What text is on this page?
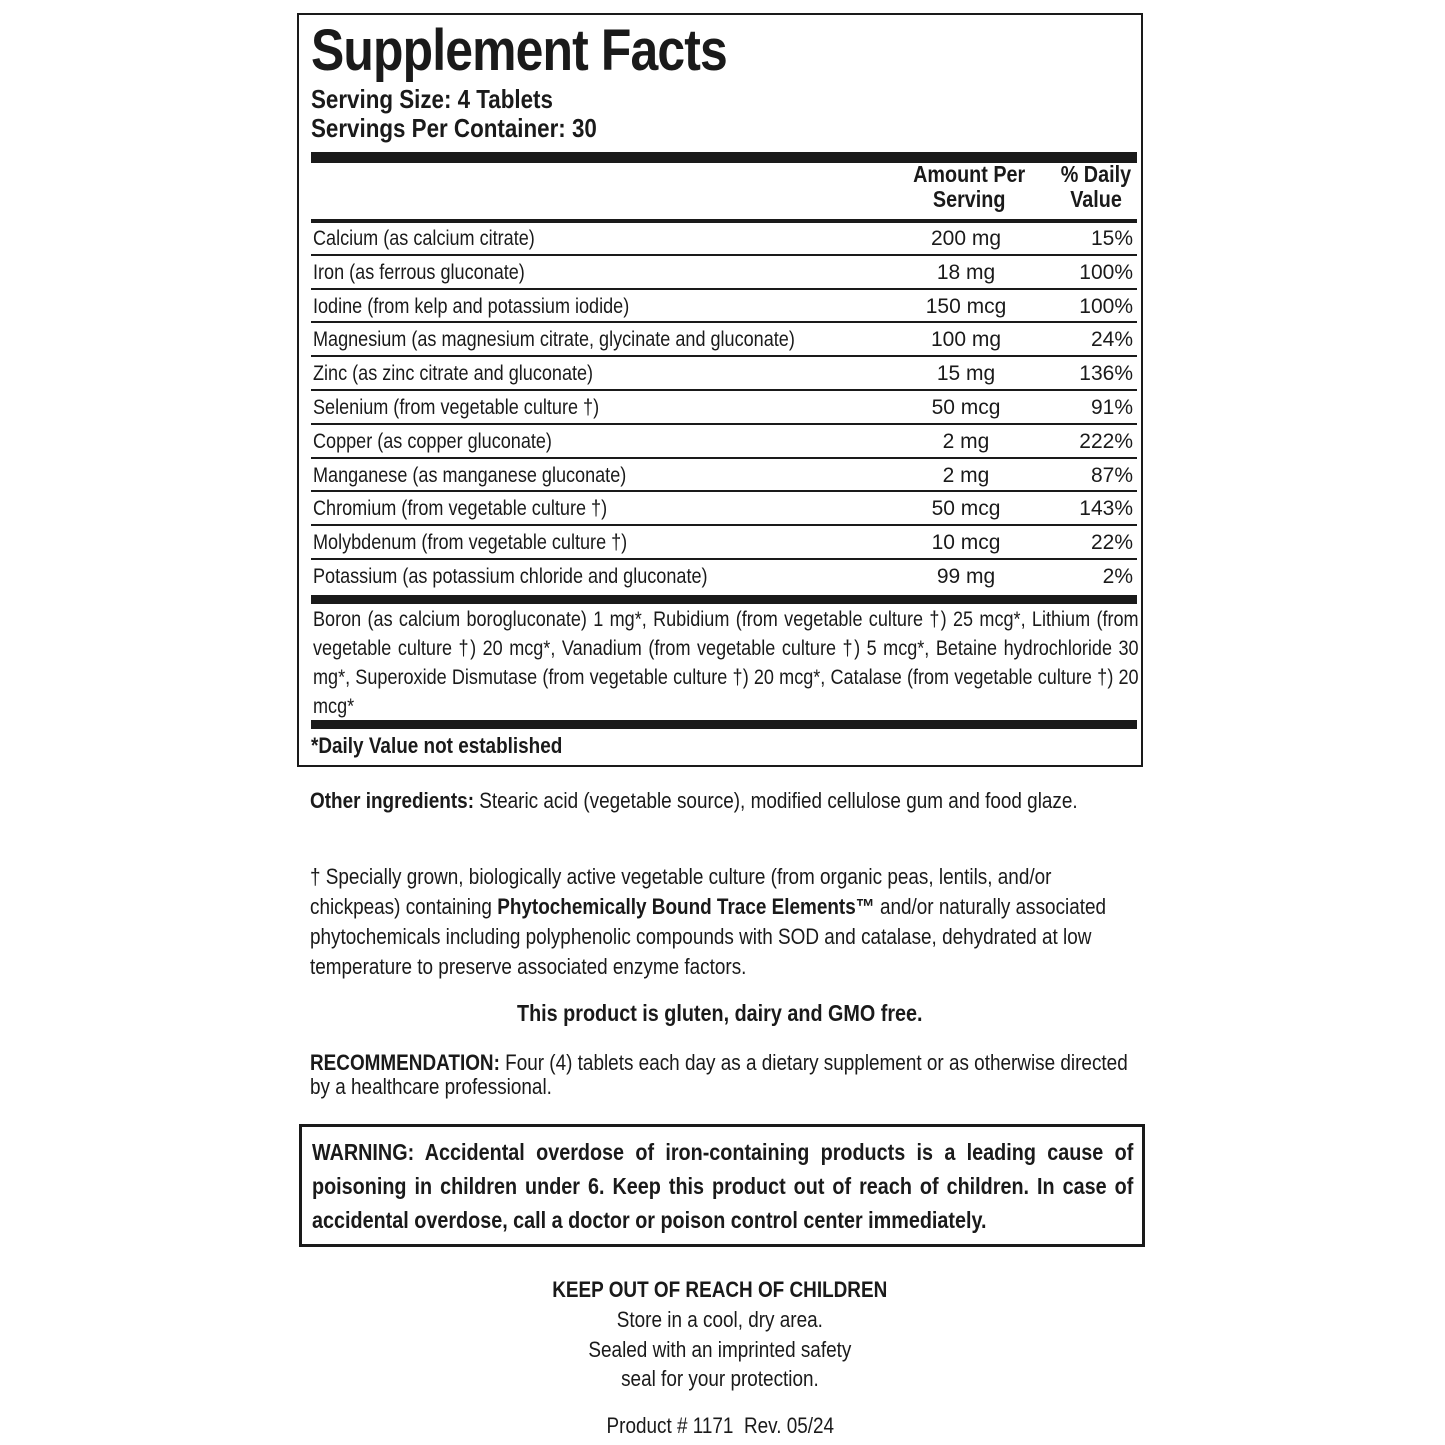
Supplement Facts
Serving Size: 4 Tablets
Servings Per Container: 30
Amount Per
Serving
% Daily
Value
Calcium (as calcium citrate)	200 mg	15%
Iron (as ferrous gluconate)	18 mg	100%
Iodine (from kelp and potassium iodide)	150 mcg	100%
Magnesium (as magnesium citrate, glycinate and gluconate)	100 mg	24%
Zinc (as zinc citrate and gluconate)	15 mg	136%
Selenium (from vegetable culture †)	50 mcg	91%
Copper (as copper gluconate)	2 mg	222%
Manganese (as manganese gluconate)	2 mg	87%
Chromium (from vegetable culture †)	50 mcg	143%
Molybdenum (from vegetable culture †)	10 mcg	22%
Potassium (as potassium chloride and gluconate)	99 mg	2%
Boron (as calcium borogluconate) 1 mg*, Rubidium (from vegetable culture †) 25 mcg*, Lithium (from vegetable culture †) 20 mcg*, Vanadium (from vegetable culture †) 5 mcg*, Betaine hydrochloride 30 mg*, Superoxide Dismutase (from vegetable culture †) 20 mcg*, Catalase (from vegetable culture †) 20 mcg*
*Daily Value not established
Other ingredients: Stearic acid (vegetable source), modified cellulose gum and food glaze.
† Specially grown, biologically active vegetable culture (from organic peas, lentils, and/or chickpeas) containing Phytochemically Bound Trace Elements™ and/or naturally associated phytochemicals including polyphenolic compounds with SOD and catalase, dehydrated at low temperature to preserve associated enzyme factors.
This product is gluten, dairy and GMO free.
RECOMMENDATION: Four (4) tablets each day as a dietary supplement or as otherwise directed by a healthcare professional.
WARNING: Accidental overdose of iron-containing products is a leading cause of poisoning in children under 6. Keep this product out of reach of children. In case of accidental overdose, call a doctor or poison control center immediately.
KEEP OUT OF REACH OF CHILDREN
Store in a cool, dry area.
Sealed with an imprinted safety
seal for your protection.
Product # 1171  Rev. 05/24
